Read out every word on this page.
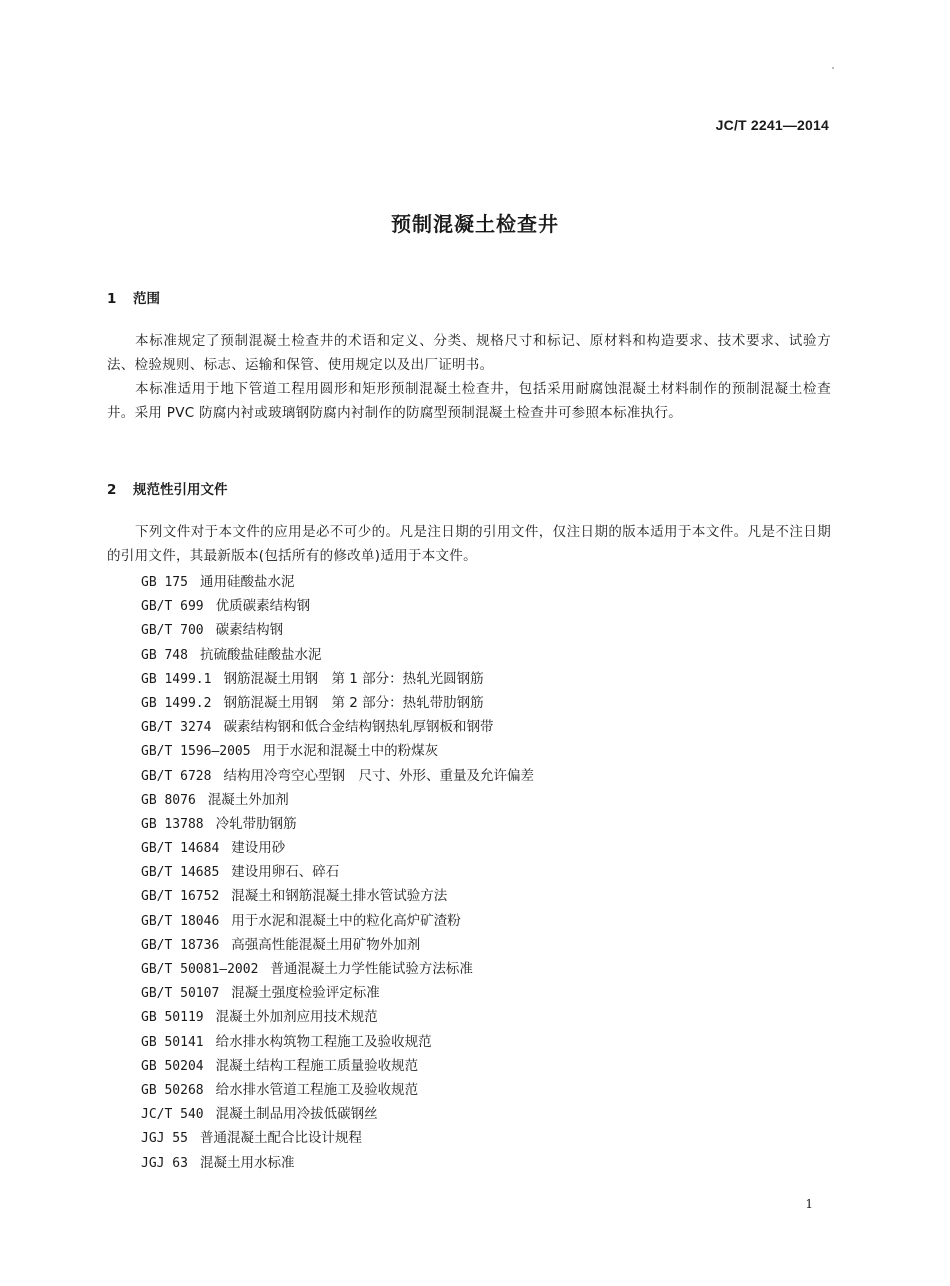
JC/T 2241—2014
预制混凝土检查井
1 范围
本标准规定了预制混凝土检查井的术语和定义、分类、规格尺寸和标记、原材料和构造要求、技术要求、试验方法、检验规则、标志、运输和保管、使用规定以及出厂证明书。
本标准适用于地下管道工程用圆形和矩形预制混凝土检查井，包括采用耐腐蚀混凝土材料制作的预制混凝土检查井。采用 PVC 防腐内衬或玻璃钢防腐内衬制作的防腐型预制混凝土检查井可参照本标准执行。
2 规范性引用文件
下列文件对于本文件的应用是必不可少的。凡是注日期的引用文件，仅注日期的版本适用于本文件。凡是不注日期的引用文件，其最新版本(包括所有的修改单)适用于本文件。
GB 175 通用硅酸盐水泥
GB/T 699 优质碳素结构钢
GB/T 700 碳素结构钢
GB 748 抗硫酸盐硅酸盐水泥
GB 1499.1 钢筋混凝土用钢　第 1 部分：热轧光圆钢筋
GB 1499.2 钢筋混凝土用钢　第 2 部分：热轧带肋钢筋
GB/T 3274 碳素结构钢和低合金结构钢热轧厚钢板和钢带
GB/T 1596—2005 用于水泥和混凝土中的粉煤灰
GB/T 6728 结构用冷弯空心型钢　尺寸、外形、重量及允许偏差
GB 8076 混凝土外加剂
GB 13788 冷轧带肋钢筋
GB/T 14684 建设用砂
GB/T 14685 建设用卵石、碎石
GB/T 16752 混凝土和钢筋混凝土排水管试验方法
GB/T 18046 用于水泥和混凝土中的粒化高炉矿渣粉
GB/T 18736 高强高性能混凝土用矿物外加剂
GB/T 50081—2002 普通混凝土力学性能试验方法标准
GB/T 50107 混凝土强度检验评定标准
GB 50119 混凝土外加剂应用技术规范
GB 50141 给水排水构筑物工程施工及验收规范
GB 50204 混凝土结构工程施工质量验收规范
GB 50268 给水排水管道工程施工及验收规范
JC/T 540 混凝土制品用冷拔低碳钢丝
JGJ 55 普通混凝土配合比设计规程
JGJ 63 混凝土用水标准
1
